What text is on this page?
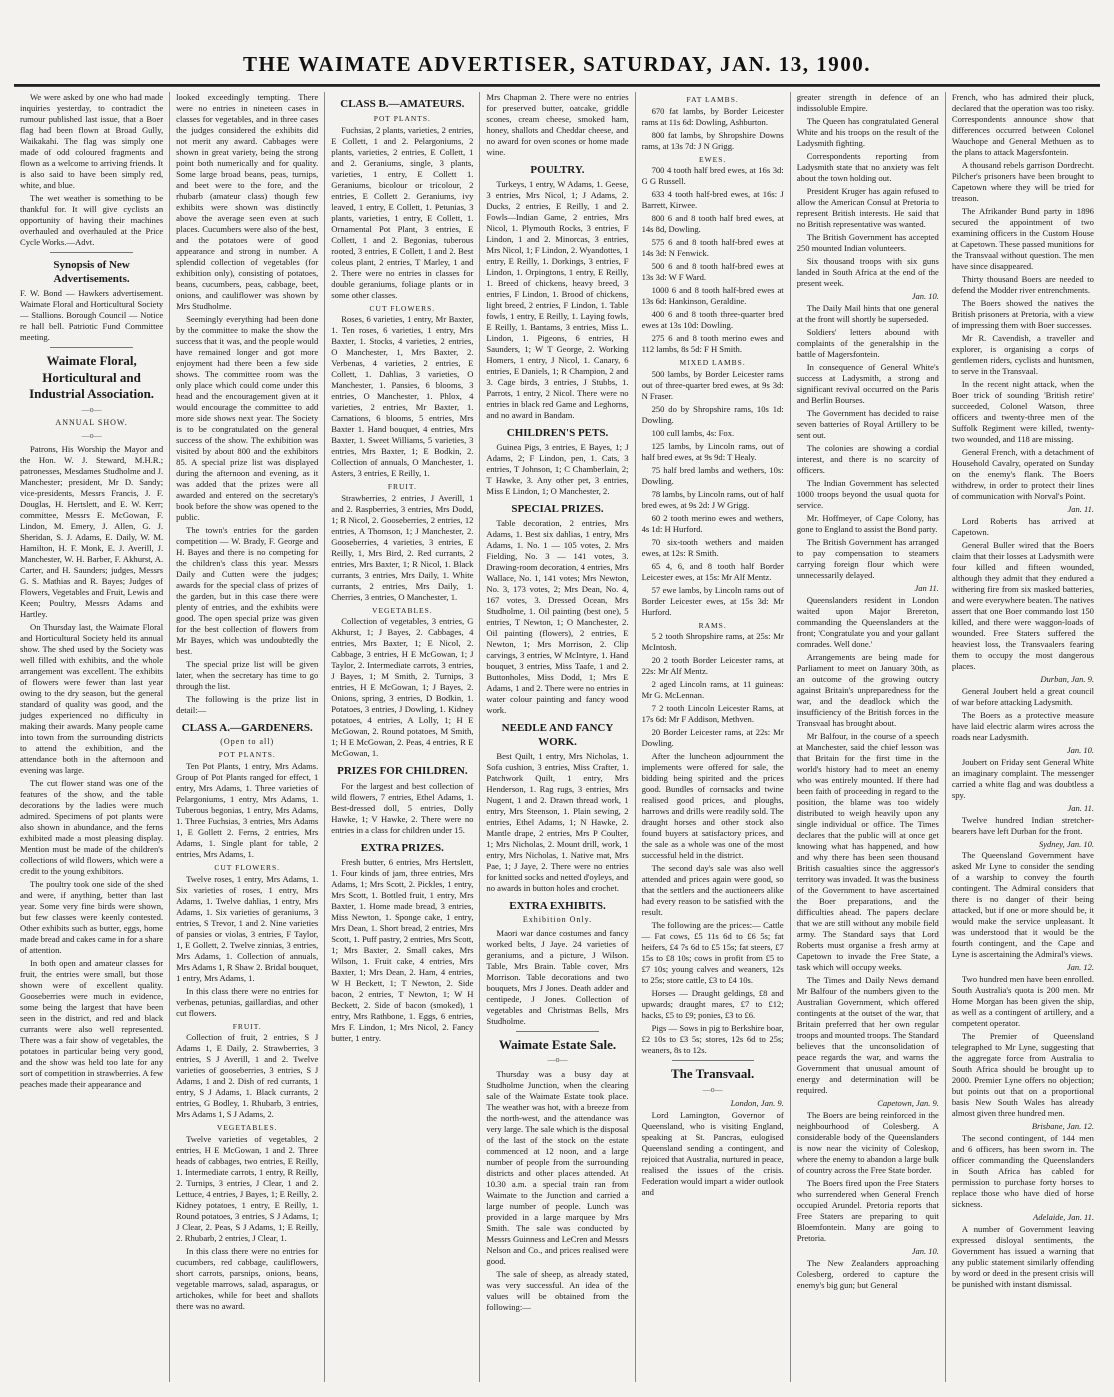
THE WAIMATE ADVERTISER, SATURDAY, JAN. 13, 1900.

We were asked by one who had made inquiries yesterday, to contradict the rumour published last issue, that a Boer flag had been flown at Broad Gully, Waikakahi. The flag was simply one made of odd coloured fragments and flown as a welcome to arriving friends. It is also said to have been simply red, white, and blue.

The wet weather is something to be thankful for. It will give cyclists an opportunity of having their machines overhauled and overhauled at the Price Cycle Works.—Advt.

Synopsis of New Advertisements.

F. W. Bond — Hawkers advertisement. Waimate Floral and Horticultural Society — Stallions. Borough Council — Notice re hall bell. Patriotic Fund Committee meeting.

Waimate Floral, Horticultural and Industrial Association.
—o—
ANNUAL SHOW.
—o—

Patrons, His Worship the Mayor and the Hon. W. J. Steward, M.H.R.; patronesses, Mesdames Studholme and J. Manchester; president, Mr D. Sandy; vice-presidents, Messrs Francis, J. F. Douglas, H. Hertslett, and E. W. Kerr; committee, Messrs E. McGowan, F. Lindon, M. Emery, J. Allen, G. J. Sheridan, S. J. Adams, E. Daily, W. M. Hamilton, H. F. Monk, E. J. Averill, J. Manchester, W. H. Barber, F. Akhurst, A. Carter, and H. Saunders; judges, Messrs G. S. Mathias and R. Bayes; Judges of Flowers, Vegetables and Fruit, Lewis and Keen; Poultry, Messrs Adams and Hartley.

On Thursday last, the Waimate Floral and Horticultural Society held its annual show. The shed used by the Society was well filled with exhibits, and the whole arrangement was excellent. The exhibits of flowers were fewer than last year owing to the dry season, but the general standard of quality was good, and the judges experienced no difficulty in making their awards. Many people came into town from the surrounding districts to attend the exhibition, and the attendance both in the afternoon and evening was large.

The cut flower stand was one of the features of the show, and the table decorations by the ladies were much admired. Specimens of pot plants were also shown in abundance, and the ferns exhibited made a most pleasing display. Mention must be made of the children's collections of wild flowers, which were a credit to the young exhibitors.

The poultry took one side of the shed and were, if anything, better than last year. Some very fine birds were shown, but few classes were keenly contested. Other exhibits such as butter, eggs, home made bread and cakes came in for a share of attention.

In both open and amateur classes for fruit, the entries were small, but those shown were of excellent quality. Gooseberries were much in evidence, some being the largest that have been seen in the district, and red and black currants were also well represented. There was a fair show of vegetables, the potatoes in particular being very good, and the show was held too late for any sort of competition in strawberries. A few peaches made their appearance and

looked exceedingly tempting. There were no entries in nineteen cases in classes for vegetables, and in three cases the judges considered the exhibits did not merit any award. Cabbages were shown in great variety, being the strong point both numerically and for quality. Some large broad beans, peas, turnips, and beet were to the fore, and the rhubarb (amateur class) though few exhibits were shown was distinctly above the average seen even at such places. Cucumbers were also of the best, and the potatoes were of good appearance and strong in number. A splendid collection of vegetables (for exhibition only), consisting of potatoes, beans, cucumbers, peas, cabbage, beet, onions, and cauliflower was shown by Mrs Studholme.

Seemingly everything had been done by the committee to make the show the success that it was, and the people would have remained longer and got more enjoyment had there been a few side shows. The committee room was the only place which could come under this head and the encouragement given at it would encourage the committee to add more side shows next year. The Society is to be congratulated on the general success of the show. The exhibition was visited by about 800 and the exhibitors 85. A special prize list was displayed during the afternoon and evening, as it was added that the prizes were all awarded and entered on the secretary's book before the show was opened to the public.

The town's entries for the garden competition — W. Brady, F. George and H. Bayes and there is no competing for the children's class this year. Messrs Daily and Cutten were the judges; awards for the special class of prizes of the garden, but in this case there were plenty of entries, and the exhibits were good. The open special prize was given for the best collection of flowers from Mr Bayes, which was undoubtedly the best.

The special prize list will be given later, when the secretary has time to go through the list.

The following is the prize list in detail:—

CLASS A.—GARDENERS.
(Open to all)
POT PLANTS.

Ten Pot Plants, 1 entry, Mrs Adams. Group of Pot Plants ranged for effect, 1 entry, Mrs Adams, 1. Three varieties of Pelargoniums, 1 entry, Mrs Adams, 1. Tuberous begonias, 1 entry, Mrs Adams, 1. Three Fuchsias, 3 entries, Mrs Adams 1, E Gollett 2. Ferns, 2 entries, Mrs Adams, 1. Single plant for table, 2 entries, Mrs Adams, 1.

CUT FLOWERS.

Twelve roses, 1 entry, Mrs Adams, 1. Six varieties of roses, 1 entry, Mrs Adams, 1. Twelve dahlias, 1 entry, Mrs Adams, 1. Six varieties of geraniums, 3 entries, S Trevor, 1 and 2. Nine varieties of pansies or violas, 3 entries, F Taylor, 1, E Gollett, 2. Twelve zinnias, 3 entries, Mrs Adams, 1. Collection of annuals, Mrs Adams 1, R Shaw 2. Bridal bouquet, 1 entry, Mrs Adams, 1.

In this class there were no entries for verbenas, petunias, gaillardias, and other cut flowers.

FRUIT.

Collection of fruit, 2 entries, S J Adams 1, E Daily, 2. Strawberries, 3 entries, S J Averill, 1 and 2. Twelve varieties of gooseberries, 3 entries, S J Adams, 1 and 2. Dish of red currants, 1 entry, S J Adams, 1. Black currants, 2 entries, G Bodley, 1. Rhubarb, 3 entries, Mrs Adams 1, S J Adams, 2.

VEGETABLES.

Twelve varieties of vegetables, 2 entries, H E McGowan, 1 and 2. Three heads of cabbages, two entries, E Reilly, 1. Intermediate carrots, 1 entry, R Reilly, 2. Turnips, 3 entries, J Clear, 1 and 2. Lettuce, 4 entries, J Bayes, 1; E Reilly, 2. Kidney potatoes, 1 entry, E Reilly, 1. Round potatoes, 3 entries, S J Adams, 1; J Clear, 2. Peas, S J Adams, 1; E Reilly, 2. Rhubarb, 2 entries, J Clear, 1.

In this class there were no entries for cucumbers, red cabbage, cauliflowers, short carrots, parsnips, onions, beans, vegetable marrows, salad, asparagus, or artichokes, while for beet and shallots there was no award.

CLASS B.—AMATEURS.
POT PLANTS.

Fuchsias, 2 plants, varieties, 2 entries, E Collett, 1 and 2. Pelargoniums, 2 plants, varieties, 2 entries, E Collett, 1 and 2. Geraniums, single, 3 plants, varieties, 1 entry, E Collett 1. Geraniums, bicolour or tricolour, 2 entries, E Collett 2. Geraniums, ivy leaved, 1 entry, E Collett, 1. Petunias, 3 plants, varieties, 1 entry, E Collett, 1. Ornamental Pot Plant, 3 entries, E Collett, 1 and 2. Begonias, tuberous rooted, 3 entries, E Collett, 1 and 2. Best coleus plant, 2 entries, T Marley, 1 and 2. There were no entries in classes for double geraniums, foliage plants or in some other classes.

CUT FLOWERS.

Roses, 6 varieties, 1 entry, Mr Baxter, 1. Ten roses, 6 varieties, 1 entry, Mrs Baxter, 1. Stocks, 4 varieties, 2 entries, O Manchester, 1, Mrs Baxter, 2. Verbenas, 4 varieties, 2 entries, E Collett, 1. Dahlias, 3 varieties, O Manchester, 1. Pansies, 6 blooms, 3 entries, O Manchester, 1. Phlox, 4 varieties, 2 entries, Mr Baxter, 1. Carnations, 6 blooms, 5 entries, Mrs Baxter 1. Hand bouquet, 4 entries, Mrs Baxter, 1. Sweet Williams, 5 varieties, 3 entries, Mrs Baxter, 1; E Bodkin, 2. Collection of annuals, O Manchester, 1. Asters, 3 entries, E Reilly, 1.

FRUIT.

Strawberries, 2 entries, J Averill, 1 and 2. Raspberries, 3 entries, Mrs Dodd, 1; R Nicol, 2. Gooseberries, 2 entries, 12 entries, A Thomson, 1; J Manchester, 2. Gooseberries, 4 varieties, 3 entries, E Reilly, 1, Mrs Bird, 2. Red currants, 2 entries, Mrs Baxter, 1; R Nicol, 1. Black currants, 3 entries, Mrs Daily, 1. White currants, 2 entries, Mrs Daily, 1. Cherries, 3 entries, O Manchester, 1.

VEGETABLES.

Collection of vegetables, 3 entries, G Akhurst, 1; J Bayes, 2. Cabbages, 4 entries, Mrs Baxter, 1; E Nicol, 2. Cabbage, 3 entries, H E McGowan, 1; J Taylor, 2. Intermediate carrots, 3 entries, J Bayes, 1; M Smith, 2. Turnips, 3 entries, H E McGowan, 1; J Bayes, 2. Onions, spring, 3 entries, D Bodkin, 1. Potatoes, 3 entries, J Dowling, 1. Kidney potatoes, 4 entries, A Lolly, 1; H E McGowan, 2. Round potatoes, M Smith, 1; H E McGowan, 2. Peas, 4 entries, R E McGowan, 1.

PRIZES FOR CHILDREN.

For the largest and best collection of wild flowers, 7 entries, Ethel Adams, 1. Best-dressed doll, 5 entries, Dolly Hawke, 1; V Hawke, 2. There were no entries in a class for children under 15.

EXTRA PRIZES.

Fresh butter, 6 entries, Mrs Hertslett, 1. Four kinds of jam, three entries, Mrs Adams, 1; Mrs Scott, 2. Pickles, 1 entry, Mrs Scott, 1. Bottled fruit, 1 entry, Mrs Baxter, 1. Home made bread, 3 entries, Miss Newton, 1. Sponge cake, 1 entry, Mrs Dean, 1. Short bread, 2 entries, Mrs Scott, 1. Puff pastry, 2 entries, Mrs Scott, 1; Mrs Baxter, 2. Small cakes, Mrs Wilson, 1. Fruit cake, 4 entries, Mrs Baxter, 1; Mrs Dean, 2. Ham, 4 entries, W H Beckett, 1; T Newton, 2. Side bacon, 2 entries, T Newton, 1; W H Beckett, 2. Side of bacon (smoked), 1 entry, Mrs Rathbone, 1. Eggs, 6 entries, Mrs F. Lindon, 1; Mrs Nicol, 2. Fancy butter, 1 entry.

Mrs Chapman 2. There were no entries for preserved butter, oatcake, griddle scones, cream cheese, smoked ham, honey, shallots and Cheddar cheese, and no award for oven scones or home made wine.

POULTRY.

Turkeys, 1 entry, W Adams, 1. Geese, 3 entries, Mrs Nicol, 1; J Adams, 2. Ducks, 2 entries, E Reilly, 1 and 2. Fowls—Indian Game, 2 entries, Mrs Nicol, 1. Plymouth Rocks, 3 entries, F Lindon, 1 and 2. Minorcas, 3 entries, Mrs Nicol, 1; F Lindon, 2. Wyandottes, 1 entry, E Reilly, 1. Dorkings, 3 entries, F Lindon, 1. Orpingtons, 1 entry, E Reilly, 1. Breed of chickens, heavy breed, 3 entries, F Lindon, 1. Brood of chickens, light breed, 2 entries, F Lindon, 1. Table fowls, 1 entry, E Reilly, 1. Laying fowls, E Reilly, 1. Bantams, 3 entries, Miss L. Lindon, 1. Pigeons, 6 entries, H Saunders, 1; W T George, 2. Working Homers, 1 entry, J Nicol, 1. Canary, 6 entries, E Daniels, 1; R Champion, 2 and 3. Cage birds, 3 entries, J Stubbs, 1. Parrots, 1 entry, 2 Nicol. There were no entries in black red Game and Leghorns, and no award in Bandam.

CHILDREN'S PETS.

Guinea Pigs, 3 entries, E Bayes, 1; J Adams, 2; F Lindon, pen, 1. Cats, 3 entries, T Johnson, 1; C Chamberlain, 2; T Hawke, 3. Any other pet, 3 entries, Miss E Lindon, 1; O Manchester, 2.

SPECIAL PRIZES.

Table decoration, 2 entries, Mrs Adams, 1. Best six dahlias, 1 entry, Mrs Adams, 1. No. 1 — 105 votes, 2. Mrs Fielding, No. 3 — 141 votes, 3. Drawing-room decoration, 4 entries, Mrs Wallace, No. 1, 141 votes; Mrs Newton, No. 3, 173 votes, 2; Mrs Dean, No. 4, 167 votes, 3. Dressed Ocean, Mrs Studholme, 1. Oil painting (best one), 5 entries, T Newton, 1; O Manchester, 2. Oil painting (flowers), 2 entries, E Newton, 1; Mrs Morrison, 2. Clip carvings, 3 entries, W McIntyre, 1. Hand bouquet, 3 entries, Miss Taafe, 1 and 2. Buttonholes, Miss Dodd, 1; Mrs E Adams, 1 and 2. There were no entries in water colour painting and fancy wood work.

NEEDLE AND FANCY WORK.

Best Quilt, 1 entry, Mrs Nicholas, 1. Sofa cushion, 3 entries, Miss Crafter, 1. Patchwork Quilt, 1 entry, Mrs Henderson, 1. Rag rugs, 3 entries, Mrs Nugent, 1 and 2. Drawn thread work, 1 entry, Mrs Steenson, 1. Plain sewing, 2 entries, Ethel Adams, 1; N Hawke, 2. Mantle drape, 2 entries, Mrs P Coulter, 1; Mrs Nicholas, 2. Mount drill, work, 1 entry, Mrs Nicholas, 1. Native mat, Mrs Pae, 1; J Jaye, 2. There were no entries for knitted socks and netted d'oyleys, and no awards in button holes and crochet.

EXTRA EXHIBITS.
Exhibition Only.

Maori war dance costumes and fancy worked belts, J Jaye. 24 varieties of geraniums, and a picture, J Wilson. Table, Mrs Brain. Table cover, Mrs Morrison. Table decorations and two bouquets, Mrs J Jones. Death adder and centipede, J Jones. Collection of vegetables and Christmas Bells, Mrs Studholme.

Waimate Estate Sale.
—o—

Thursday was a busy day at Studholme Junction, when the clearing sale of the Waimate Estate took place. The weather was hot, with a breeze from the north-west, and the attendance was very large. The sale which is the disposal of the last of the stock on the estate commenced at 12 noon, and a large number of people from the surrounding districts and other places attended. At 10.30 a.m. a special train ran from Waimate to the Junction and carried a large number of people. Lunch was provided in a large marquee by Mrs Smith. The sale was conducted by Messrs Guinness and LeCren and Messrs Nelson and Co., and prices realised were good.

The sale of sheep, as already stated, was very successful. An idea of the values will be obtained from the following:—

FAT LAMBS.

670 fat lambs, by Border Leicester rams at 11s 6d: Dowling, Ashburton.

800 fat lambs, by Shropshire Downs rams, at 13s 7d: J N Grigg.

EWES.

700 4 tooth half bred ewes, at 16s 3d: G G Russell.

633 4 tooth half-bred ewes, at 16s: J Barrett, Kirwee.

800 6 and 8 tooth half bred ewes, at 14s 8d, Dowling.

575 6 and 8 tooth half-bred ewes at 14s 3d: N Fenwick.

500 6 and 8 tooth half-bred ewes at 13s 3d: W F Ward.

1000 6 and 8 tooth half-bred ewes at 13s 6d: Hankinson, Geraldine.

400 6 and 8 tooth three-quarter bred ewes at 13s 10d: Dowling.

275 6 and 8 tooth merino ewes and 112 lambs, 8s 5d: F H Smith.

MIXED LAMBS.

500 lambs, by Border Leicester rams out of three-quarter bred ewes, at 9s 3d: N Fraser.

250 do by Shropshire rams, 10s 1d: Dowling.

100 cull lambs, 4s: Fox.

125 lambs, by Lincoln rams, out of half bred ewes, at 9s 9d: T Healy.

75 half bred lambs and wethers, 10s: Dowling.

78 lambs, by Lincoln rams, out of half bred ewes, at 9s 2d: J W Grigg.

60 2 tooth merino ewes and wethers, 4s 1d: H Hurford.

70 six-tooth wethers and maiden ewes, at 12s: R Smith.

65 4, 6, and 8 tooth half Border Leicester ewes, at 15s: Mr Alf Mentz.

57 ewe lambs, by Lincoln rams out of Border Leicester ewes, at 15s 3d: Mr Hurford.

RAMS.

5 2 tooth Shropshire rams, at 25s: Mr McIntosh.

20 2 tooth Border Leicester rams, at 22s: Mr Alf Mentz.

2 aged Lincoln rams, at 11 guineas: Mr G. McLennan.

7 2 tooth Lincoln Leicester Rams, at 17s 6d: Mr F Addison, Methven.

20 Border Leicester rams, at 22s: Mr Dowling.

After the luncheon adjournment the implements were offered for sale, the bidding being spirited and the prices good. Bundles of cornsacks and twine realised good prices, and ploughs, harrows and drills were readily sold. The draught horses and other stock also found buyers at satisfactory prices, and the sale as a whole was one of the most successful held in the district.

The second day's sale was also well attended and prices again were good, so that the settlers and the auctioneers alike had every reason to be satisfied with the result.

The following are the prices:— Cattle — Fat cows, £5 11s 6d to £6 5s; fat heifers, £4 7s 6d to £5 15s; fat steers, £7 15s to £8 10s; cows in profit from £5 to £7 10s; young calves and weaners, 12s to 25s; store cattle, £3 to £4 10s.

Horses — Draught geldings, £8 and upwards; draught mares, £7 to £12; hacks, £5 to £9; ponies, £3 to £6.

Pigs — Sows in pig to Berkshire boar, £2 10s to £3 5s; stores, 12s 6d to 25s; weaners, 8s to 12s.

The Transvaal.
—o—
London, Jan. 9.

Lord Lamington, Governor of Queensland, who is visiting England, speaking at St. Pancras, eulogised Queensland sending a contingent, and rejoiced that Australia, nurtured in peace, realised the issues of the crisis. Federation would impart a wider outlook and

greater strength in defence of an indissoluble Empire.

The Queen has congratulated General White and his troops on the result of the Ladysmith fighting.

Correspondents reporting from Ladysmith state that no anxiety was felt about the town holding out.

President Kruger has again refused to allow the American Consul at Pretoria to represent British interests. He said that no British representative was wanted.

The British Government has accepted 250 mounted Indian volunteers.

Six thousand troops with six guns landed in South Africa at the end of the present week.

Jan. 10.

The Daily Mail hints that one general at the front will shortly be superseded.

Soldiers' letters abound with complaints of the generalship in the battle of Magersfontein.

In consequence of General White's success at Ladysmith, a strong and significant revival occurred on the Paris and Berlin Bourses.

The Government has decided to raise seven batteries of Royal Artillery to be sent out.

The colonies are showing a cordial interest, and there is no scarcity of officers.

The Indian Government has selected 1000 troops beyond the usual quota for service.

Mr. Hoffmeyer, of Cape Colony, has gone to England to assist the Bond party.

The British Government has arranged to pay compensation to steamers carrying foreign flour which were unnecessarily delayed.

Jan 11.

Queenslanders resident in London waited upon Major Brereton, commanding the Queenslanders at the front; 'Congratulate you and your gallant comrades. Well done.'

Arrangements are being made for Parliament to meet on January 30th, as an outcome of the growing outcry against Britain's unpreparedness for the war, and the deadlock which the insufficiency of the British forces in the Transvaal has brought about.

Mr Balfour, in the course of a speech at Manchester, said the chief lesson was that Britain for the first time in the world's history had to meet an enemy who was entirely mounted. If there had been faith of proceeding in regard to the position, the blame was too widely distributed to weigh heavily upon any single individual or office. The Times declares that the public will at once get knowing what has happened, and how and why there has been seen thousand British casualties since the aggressor's territory was invaded. It was the business of the Government to have ascertained the Boer preparations, and the difficulties ahead. The papers declare that we are still without any mobile field army. The Standard says that Lord Roberts must organise a fresh army at Capetown to invade the Free State, a task which will occupy weeks.

The Times and Daily News demand Mr Balfour of the numbers given to the Australian Government, which offered contingents at the outset of the war, that Britain preferred that her own regular troops and mounted troops. The Standard believes that the unconsolidation of peace regards the war, and warns the Government that unusual amount of energy and determination will be required.

Capetown, Jan. 9.

The Boers are being reinforced in the neighbourhood of Colesberg. A considerable body of the Queenslanders is now near the vicinity of Coleskop, where the enemy to abandon a large bulk of country across the Free State border.

The Boers fired upon the Free Staters who surrendered when General French occupied Arundel. Pretoria reports that Free Staters are preparing to quit Bloemfontein. Many are going to Pretoria.

Jan. 10.

The New Zealanders approaching Colesberg, ordered to capture the enemy's big gun; but General

French, who has admired their pluck, declared that the operation was too risky. Correspondents announce show that differences occurred between Colonel Wauchope and General Methuen as to the plans to attack Magersfontein.

A thousand rebels garrison Dordrecht. Pilcher's prisoners have been brought to Capetown where they will be tried for treason.

The Afrikander Bund party in 1896 secured the appointment of two examining officers in the Custom House at Capetown. These passed munitions for the Transvaal without question. The men have since disappeared.

Thirty thousand Boers are needed to defend the Modder river entrenchments.

The Boers showed the natives the British prisoners at Pretoria, with a view of impressing them with Boer successes.

Mr R. Cavendish, a traveller and explorer, is organising a corps of gentlemen riders, cyclists and huntsmen, to serve in the Transvaal.

In the recent night attack, when the Boer trick of sounding 'British retire' succeeded, Colonel Watson, three officers and twenty-three men of the Suffolk Regiment were killed, twenty-two wounded, and 118 are missing.

General French, with a detachment of Household Cavalry, operated on Sunday on the enemy's flank. The Boers withdrew, in order to protect their lines of communication with Norval's Point.

Jan. 11.

Lord Roberts has arrived at Capetown.

General Buller wired that the Boers claim that their losses at Ladysmith were four killed and fifteen wounded, although they admit that they endured a withering fire from six masked batteries, and were everywhere beaten. The natives assert that one Boer commando lost 150 killed, and there were waggon-loads of wounded. Free Staters suffered the heaviest loss, the Transvaalers fearing them to occupy the most dangerous places.

Durban, Jan. 9.

General Joubert held a great council of war before attacking Ladysmith.

The Boers as a protective measure have laid electric alarm wires across the roads near Ladysmith.

Jan. 10.

Joubert on Friday sent General White an imaginary complaint. The messenger carried a white flag and was doubtless a spy.

Jan. 11.

Twelve hundred Indian stretcher-bearers have left Durban for the front.

Sydney, Jan. 10.

The Queensland Government have asked Mr Lyne to consider the sending of a warship to convey the fourth contingent. The Admiral considers that there is no danger of their being attacked, but if one or more should be, it would make the service unpleasant. It was understood that it would be the fourth contingent, and the Cape and Lyne is ascertaining the Admiral's views.

Jan. 12.

Two hundred men have been enrolled. South Australia's quota is 200 men. Mr Home Morgan has been given the ship, as well as a contingent of artillery, and a competent operator.

The Premier of Queensland telegraphed to Mr Lyne, suggesting that the aggregate force from Australia to South Africa should be brought up to 2000. Premier Lyne offers no objection; but points out that on a proportional basis New South Wales has already almost given three hundred men.

Brisbane, Jan. 12.

The second contingent, of 144 men and 6 officers, has been sworn in. The officer commanding the Queenslanders in South Africa has cabled for permission to purchase forty horses to replace those who have died of horse sickness.

Adelaide, Jan. 11.

A number of Government leaving expressed disloyal sentiments, the Government has issued a warning that any public statement similarly offending by word or deed in the present crisis will be punished with instant dismissal.
